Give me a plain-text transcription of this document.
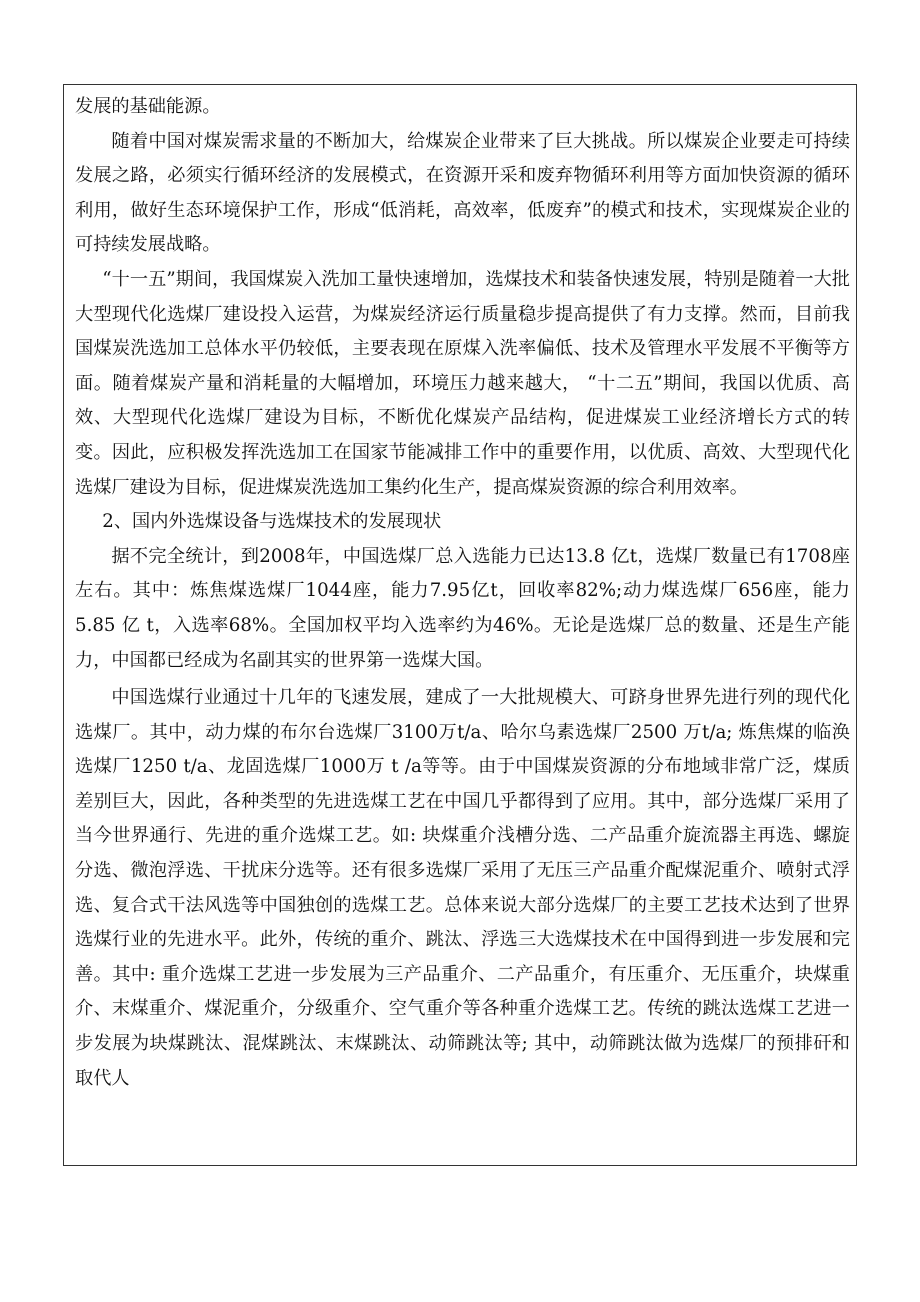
发展的基础能源。

随着中国对煤炭需求量的不断加大，给煤炭企业带来了巨大挑战。所以煤炭企业要走可持续发展之路，必须实行循环经济的发展模式，在资源开采和废弃物循环利用等方面加快资源的循环利用，做好生态环境保护工作，形成“低消耗，高效率，低废弃”的模式和技术，实现煤炭企业的可持续发展战略。

“十一五”期间，我国煤炭入洗加工量快速增加，选煤技术和装备快速发展，特别是随着一大批大型现代化选煤厂建设投入运营，为煤炭经济运行质量稳步提高提供了有力支撑。然而，目前我国煤炭洗选加工总体水平仍较低，主要表现在原煤入洗率偏低、技术及管理水平发展不平衡等方面。随着煤炭产量和消耗量的大幅增加，环境压力越来越大， “十二五”期间，我国以优质、高效、大型现代化选煤厂建设为目标，不断优化煤炭产品结构，促进煤炭工业经济增长方式的转变。因此，应积极发挥洗选加工在国家节能减排工作中的重要作用，以优质、高效、大型现代化选煤厂建设为目标，促进煤炭洗选加工集约化生产，提高煤炭资源的综合利用效率。

2、国内外选煤设备与选煤技术的发展现状

据不完全统计，到2008年，中国选煤厂总入选能力已达13.8 亿t，选煤厂数量已有1708座左右。其中：炼焦煤选煤厂1044座，能力7.95亿t，回收率82%;动力煤选煤厂656座，能力5.85 亿 t，入选率68%。全国加权平均入选率约为46%。无论是选煤厂总的数量、还是生产能力，中国都已经成为名副其实的世界第一选煤大国。

中国选煤行业通过十几年的飞速发展，建成了一大批规模大、可跻身世界先进行列的现代化选煤厂。其中，动力煤的布尔台选煤厂3100万t/a、哈尔乌素选煤厂2500 万t/a; 炼焦煤的临涣选煤厂1250 t/a、龙固选煤厂1000万 t /a等等。由于中国煤炭资源的分布地域非常广泛，煤质差别巨大，因此，各种类型的先进选煤工艺在中国几乎都得到了应用。其中，部分选煤厂采用了当今世界通行、先进的重介选煤工艺。如: 块煤重介浅槽分选、二产品重介旋流器主再选、螺旋分选、微泡浮选、干扰床分选等。还有很多选煤厂采用了无压三产品重介配煤泥重介、喷射式浮选、复合式干法风选等中国独创的选煤工艺。总体来说大部分选煤厂的主要工艺技术达到了世界选煤行业的先进水平。此外，传统的重介、跳汰、浮选三大选煤技术在中国得到进一步发展和完善。其中: 重介选煤工艺进一步发展为三产品重介、二产品重介，有压重介、无压重介，块煤重介、末煤重介、煤泥重介，分级重介、空气重介等各种重介选煤工艺。传统的跳汰选煤工艺进一步发展为块煤跳汰、混煤跳汰、末煤跳汰、动筛跳汰等; 其中，动筛跳汰做为选煤厂的预排矸和取代人
